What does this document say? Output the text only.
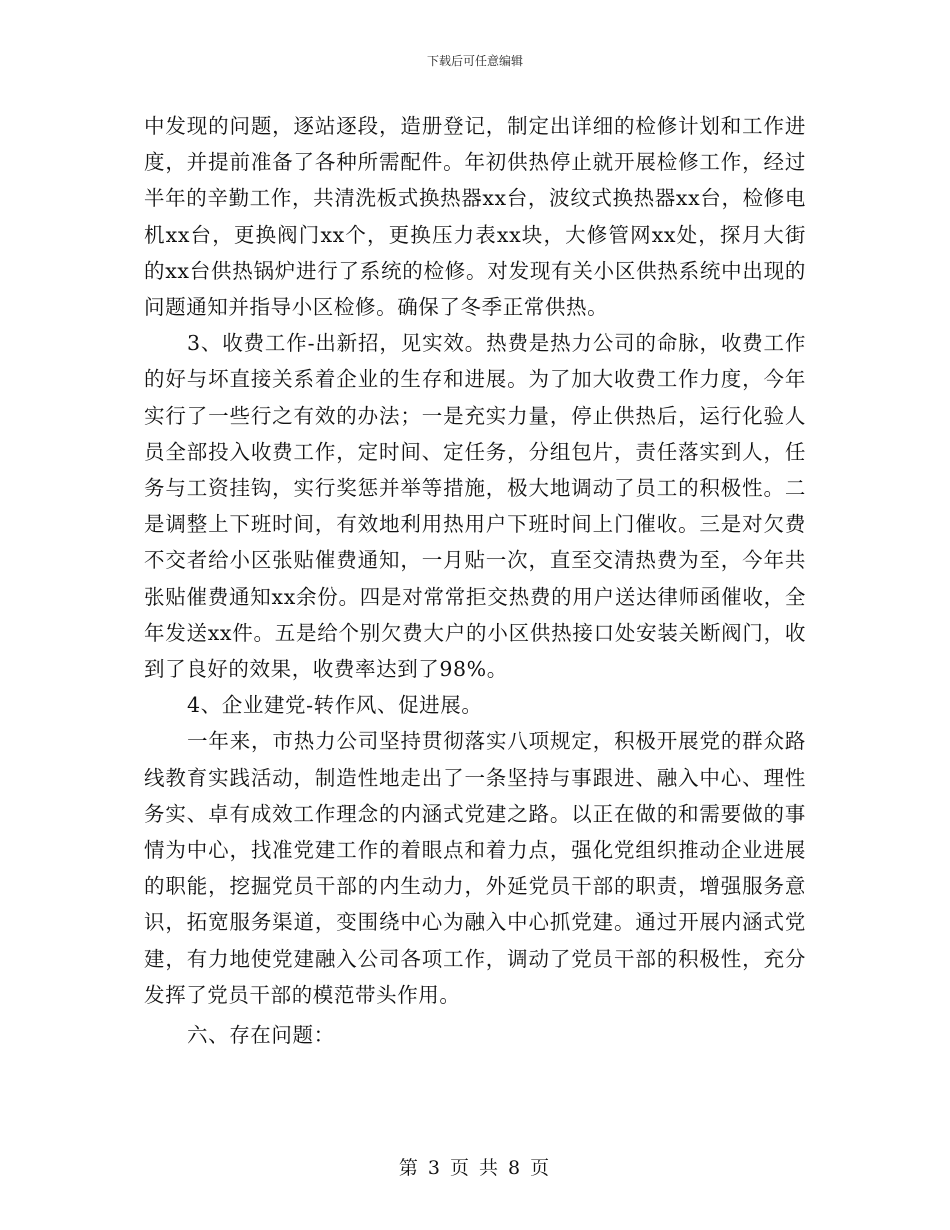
下载后可任意编辑

中发现的问题，逐站逐段，造册登记，制定出详细的检修计划和工作进度，并提前准备了各种所需配件。年初供热停止就开展检修工作，经过半年的辛勤工作，共清洗板式换热器xx台，波纹式换热器xx台，检修电机xx台，更换阀门xx个，更换压力表xx块，大修管网xx处，探月大街的xx台供热锅炉进行了系统的检修。对发现有关小区供热系统中出现的问题通知并指导小区检修。确保了冬季正常供热。

3、收费工作-出新招，见实效。热费是热力公司的命脉，收费工作的好与坏直接关系着企业的生存和进展。为了加大收费工作力度，今年实行了一些行之有效的办法；一是充实力量，停止供热后，运行化验人员全部投入收费工作，定时间、定任务，分组包片，责任落实到人，任务与工资挂钩，实行奖惩并举等措施，极大地调动了员工的积极性。二是调整上下班时间，有效地利用热用户下班时间上门催收。三是对欠费不交者给小区张贴催费通知，一月贴一次，直至交清热费为至，今年共张贴催费通知xx余份。四是对常常拒交热费的用户送达律师函催收，全年发送xx件。五是给个别欠费大户的小区供热接口处安装关断阀门，收到了良好的效果，收费率达到了98%。

4、企业建党-转作风、促进展。

一年来，市热力公司坚持贯彻落实八项规定，积极开展党的群众路线教育实践活动，制造性地走出了一条坚持与事跟进、融入中心、理性务实、卓有成效工作理念的内涵式党建之路。以正在做的和需要做的事情为中心，找准党建工作的着眼点和着力点，强化党组织推动企业进展的职能，挖掘党员干部的内生动力，外延党员干部的职责，增强服务意识，拓宽服务渠道，变围绕中心为融入中心抓党建。通过开展内涵式党建，有力地使党建融入公司各项工作，调动了党员干部的积极性，充分发挥了党员干部的模范带头作用。

六、存在问题：

第 3 页 共 8 页
